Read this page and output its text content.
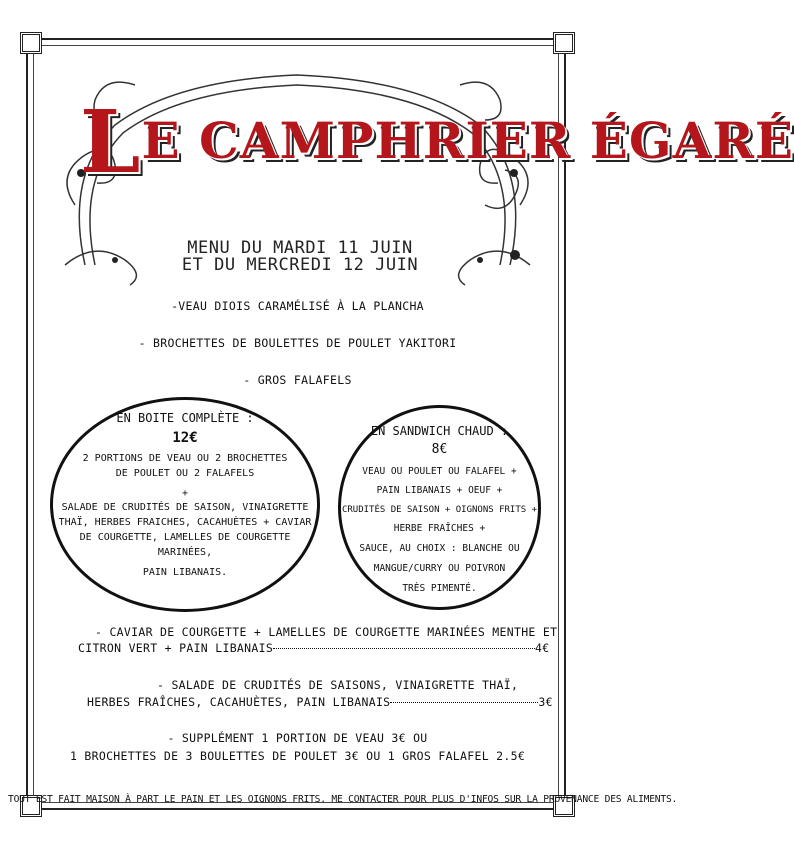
LE CAMPHRIER ÉGARÉ
MENU DU MARDI 11 JUIN
ET DU MERCREDI 12 JUIN
-VEAU DIOIS CARAMÉLISÉ À LA PLANCHA
- BROCHETTES DE BOULETTES DE POULET YAKITORI
- GROS FALAFELS
EN BOITE COMPLÈTE :
12€
2 PORTIONS DE VEAU OU 2 BROCHETTES
DE POULET OU 2 FALAFELS
+
SALADE DE CRUDITÉS DE SAISON, VINAIGRETTE
THAÏ, HERBES FRAICHES, CACAHUÈTES + CAVIAR
DE COURGETTE, LAMELLES DE COURGETTE
MARINÉES,
PAIN LIBANAIS.
EN SANDWICH CHAUD :
8€
VEAU OU POULET OU FALAFEL +
PAIN LIBANAIS + OEUF +
CRUDITÉS DE SAISON + OIGNONS FRITS +
HERBE FRAÎCHES +
SAUCE, AU CHOIX : BLANCHE OU
MANGUE/CURRY OU POIVRON
TRÈS PIMENTÉ.
- CAVIAR DE COURGETTE + LAMELLES DE COURGETTE MARINÉES MENTHE ET
CITRON VERT + PAIN LIBANAIS	4€
- SALADE DE CRUDITÉS DE SAISONS, VINAIGRETTE THAÏ,
HERBES FRAÎCHES, CACAHUÈTES, PAIN LIBANAIS	3€
- SUPPLÉMENT 1 PORTION DE VEAU 3€ OU
1 BROCHETTES DE 3 BOULETTES DE POULET 3€ OU 1 GROS FALAFEL 2.5€
TOUT EST FAIT MAISON À PART LE PAIN ET LES OIGNONS FRITS. ME CONTACTER POUR PLUS D'INFOS SUR LA PROVENANCE DES ALIMENTS.
